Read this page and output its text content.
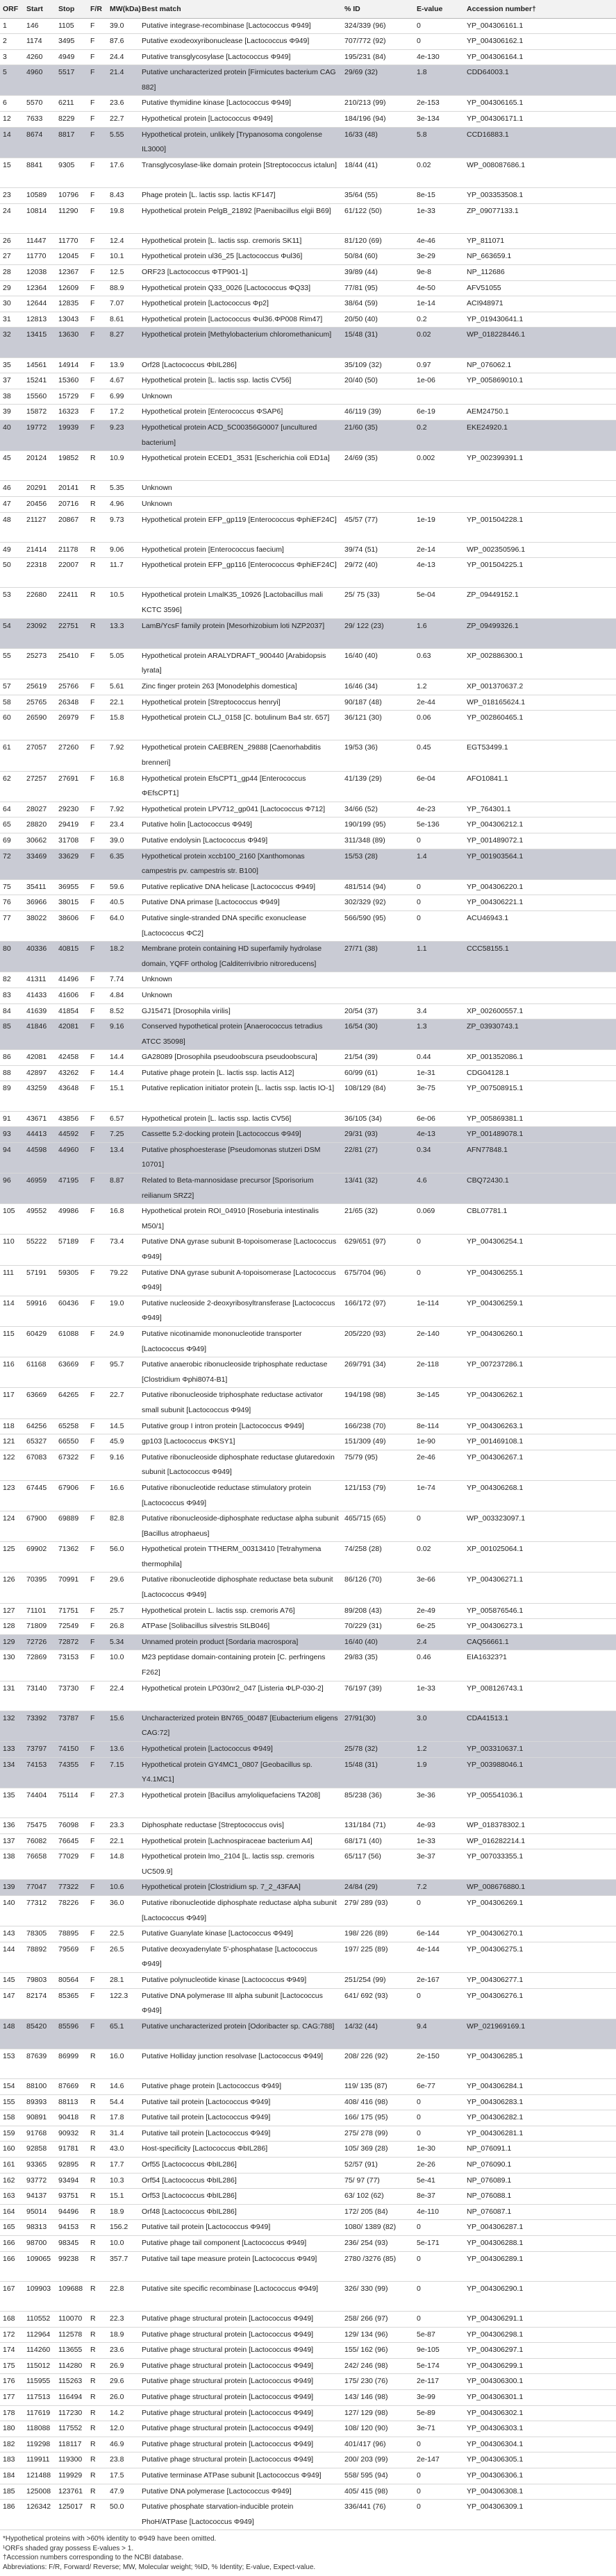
ORF	Start	Stop	F/R	MW(kDa)	Best match	% ID	E-value	Accession number†
1	146	1105	F	39.0	Putative integrase-recombinase [Lactococcus Φ949]	324/339 (96)	0	YP_004306161.1
2	1174	3495	F	87.6	Putative exodeoxyribonuclease [Lactococcus Φ949]	707/772 (92)	0	YP_004306162.1
3	4260	4949	F	24.4	Putative transglycosylase [Lactococcus Φ949]	195/231 (84)	4e-130	YP_004306164.1
5	4960	5517	F	21.4	Putative uncharacterized protein [Firmicutes bacterium CAG 882]	29/69 (32)	1.8	CDD64003.1
6	5570	6211	F	23.6	Putative thymidine kinase [Lactococcus Φ949]	210/213 (99)	2e-153	YP_004306165.1
12	7633	8229	F	22.7	Hypothetical protein [Lactococcus Φ949]	184/196 (94)	3e-134	YP_004306171.1
14	8674	8817	F	5.55	Hypothetical protein, unlikely [Trypanosoma congolense IL3000]	16/33 (48)	5.8	CCD16883.1
15	8841	9305	F	17.6	Transglycosylase-like domain protein [Streptococcus ictalun]	18/44 (41)	0.02	WP_008087686.1
23	10589	10796	F	8.43	Phage protein [L. lactis ssp. lactis KF147]	35/64 (55)	8e-15	YP_003353508.1
24	10814	11290	F	19.8	Hypothetical protein PelgB_21892 [Paenibacillus elgii B69]	61/122 (50)	1e-33	ZP_09077133.1
26	11447	11770	F	12.4	Hypothetical protein [L. lactis ssp. cremoris SK11]	81/120 (69)	4e-46	YP_811071
27	11770	12045	F	10.1	Hypothetical protein ul36_25 [Lactococcus Φul36]	50/84 (60)	3e-29	NP_663659.1
28	12038	12367	F	12.5	ORF23 [Lactococcus ΦTP901-1]	39/89 (44)	9e-8	NP_112686
29	12364	12609	F	88.9	Hypothetical protein Q33_0026 [Lactococcus ΦQ33]	77/81 (95)	4e-50	AFV51055
30	12644	12835	F	7.07	Hypothetical protein [Lactococcus Φp2]	38/64 (59)	1e-14	ACI948971
31	12813	13043	F	8.61	Hypothetical protein [Lactococcus Φul36.ΦP008 Rim47]	20/50 (40)	0.2	YP_019430641.1
32	13415	13630	F	8.27	Hypothetical protein [Methylobacterium chloromethanicum]	15/48 (31)	0.02	WP_018228446.1
35	14561	14914	F	13.9	Orf28 [Lactococcus ΦbIL286]	35/109 (32)	0.97	NP_076062.1
37	15241	15360	F	4.67	Hypothetical protein [L. lactis ssp. lactis CV56]	20/40 (50)	1e-06	YP_005869010.1
38	15560	15729	F	6.99	Unknown			
39	15872	16323	F	17.2	Hypothetical protein [Enterococcus ΦSAP6]	46/119 (39)	6e-19	AEM24750.1
40	19772	19939	F	9.23	Hypothetical protein ACD_5C00356G0007 [uncultured bacterium]	21/60 (35)	0.2	EKE24920.1
45	20124	19852	R	10.9	Hypothetical protein ECED1_3531 [Escherichia coli ED1a]	24/69 (35)	0.002	YP_002399391.1
46	20291	20141	R	5.35	Unknown			
47	20456	20716	R	4.96	Unknown			
48	21127	20867	R	9.73	Hypothetical protein EFP_gp119 [Enterococcus ΦphiEF24C]	45/57 (77)	1e-19	YP_001504228.1
49	21414	21178	R	9.06	Hypothetical protein [Enterococcus faecium]	39/74 (51)	2e-14	WP_002350596.1
50	22318	22007	R	11.7	Hypothetical protein EFP_gp116 [Enterococcus ΦphiEF24C]	29/72 (40)	4e-13	YP_001504225.1
53	22680	22411	R	10.5	Hypothetical protein LmalK35_10926 [Lactobacillus mali KCTC 3596]	25/ 75 (33)	5e-04	ZP_09449152.1
54	23092	22751	R	13.3	LamB/YcsF family protein [Mesorhizobium loti NZP2037]	29/ 122 (23)	1.6	ZP_09499326.1
55	25273	25410	F	5.05	Hypothetical protein ARALYDRAFT_900440 [Arabidopsis lyrata]	16/40 (40)	0.63	XP_002886300.1
57	25619	25766	F	5.61	Zinc finger protein 263 [Monodelphis domestica]	16/46 (34)	1.2	XP_001370637.2
58	25765	26348	F	22.1	Hypothetical protein [Streptococcus henryi]	90/187 (48)	2e-44	WP_018165624.1
60	26590	26979	F	15.8	Hypothetical protein CLJ_0158 [C. botulinum Ba4 str. 657]	36/121 (30)	0.06	YP_002860465.1
61	27057	27260	F	7.92	Hypothetical protein CAEBREN_29888 [Caenorhabditis brenneri]	19/53 (36)	0.45	EGT53499.1
62	27257	27691	F	16.8	Hypothetical protein EfsCPT1_gp44 [Enterococcus ΦEfsCPT1]	41/139 (29)	6e-04	AFO10841.1
64	28027	29230	F	7.92	Hypothetical protein LPV712_gp041 [Lactococcus Φ712]	34/66 (52)	4e-23	YP_764301.1
65	28820	29419	F	23.4	Putative holin [Lactococcus Φ949]	190/199 (95)	5e-136	YP_004306212.1
69	30662	31708	F	39.0	Putative endolysin [Lactococcus Φ949]	311/348 (89)	0	YP_001489072.1
72	33469	33629	F	6.35	Hypothetical protein xccb100_2160 [Xanthomonas campestris pv. campestris str. B100]	15/53 (28)	1.4	YP_001903564.1
75	35411	36955	F	59.6	Putative replicative DNA helicase [Lactococcus Φ949]	481/514 (94)	0	YP_004306220.1
76	36966	38015	F	40.5	Putative DNA primase [Lactococcus Φ949]	302/329 (92)	0	YP_004306221.1
77	38022	38606	F	64.0	Putative single-stranded DNA specific exonuclease [Lactococcus ΦC2]	566/590 (95)	0	ACU46943.1
80	40336	40815	F	18.2	Membrane protein containing HD superfamily hydrolase domain, YQFF ortholog [Calditerrivibrio nitroreducens]	27/71 (38)	1.1	CCC58155.1
82	41311	41496	F	7.74	Unknown			
83	41433	41606	F	4.84	Unknown			
84	41639	41854	F	8.52	GJ15471 [Drosophila virilis]	20/54 (37)	3.4	XP_002600557.1
85	41846	42081	F	9.16	Conserved hypothetical protein [Anaerococcus tetradius ATCC 35098]	16/54 (30)	1.3	ZP_03930743.1
86	42081	42458	F	14.4	GA28089 [Drosophila pseudoobscura pseudoobscura]	21/54 (39)	0.44	XP_001352086.1
88	42897	43262	F	14.4	Putative phage protein [L. lactis ssp. lactis A12]	60/99 (61)	1e-31	CDG04128.1
89	43259	43648	F	15.1	Putative replication initiator protein [L. lactis ssp. lactis IO-1]	108/129 (84)	3e-75	YP_007508915.1
91	43671	43856	F	6.57	Hypothetical protein [L. lactis ssp. lactis CV56]	36/105 (34)	6e-06	YP_005869381.1
93	44413	44592	F	7.25	Cassette 5.2-docking protein [Lactococcus Φ949]	29/31 (93)	4e-13	YP_001489078.1
94	44598	44960	F	13.4	Putative phosphoesterase [Pseudomonas stutzeri DSM 10701]	22/81 (27)	0.34	AFN77848.1
96	46959	47195	F	8.87	Related to Beta-mannosidase precursor [Sporisorium reilianum SRZ2]	13/41 (32)	4.6	CBQ72430.1
105	49552	49986	F	16.8	Hypothetical protein ROI_04910 [Roseburia intestinalis M50/1]	21/65 (32)	0.069	CBL07781.1
110	55222	57189	F	73.4	Putative DNA gyrase subunit B-topoisomerase [Lactococcus Φ949]	629/651 (97)	0	YP_004306254.1
111	57191	59305	F	79.22	Putative DNA gyrase subunit A-topoisomerase [Lactococcus Φ949]	675/704 (96)	0	YP_004306255.1
114	59916	60436	F	19.0	Putative nucleoside 2-deoxyribosyltransferase [Lactococcus Φ949]	166/172 (97)	1e-114	YP_004306259.1
115	60429	61088	F	24.9	Putative nicotinamide mononucleotide transporter [Lactococcus Φ949]	205/220 (93)	2e-140	YP_004306260.1
116	61168	63669	F	95.7	Putative anaerobic ribonucleoside triphosphate reductase [Clostridium Φphi8074-B1]	269/791 (34)	2e-118	YP_007237286.1
117	63669	64265	F	22.7	Putative ribonucleoside triphosphate reductase activator small subunit [Lactococcus Φ949]	194/198 (98)	3e-145	YP_004306262.1
118	64256	65258	F	14.5	Putative group I intron protein [Lactococcus Φ949]	166/238 (70)	8e-114	YP_004306263.1
121	65327	66550	F	45.9	gp103 [Lactococcus ΦKSY1]	151/309 (49)	1e-90	YP_001469108.1
122	67083	67322	F	9.16	Putative ribonucleoside diphosphate reductase glutaredoxin subunit [Lactococcus Φ949]	75/79 (95)	2e-46	YP_004306267.1
123	67445	67906	F	16.6	Putative ribonucleotide reductase stimulatory protein [Lactococcus Φ949]	121/153 (79)	1e-74	YP_004306268.1
124	67900	69889	F	82.8	Putative ribonucleoside-diphosphate reductase alpha subunit [Bacillus atrophaeus]	465/715 (65)	0	WP_003323097.1
125	69902	71362	F	56.0	Hypothetical protein TTHERM_00313410 [Tetrahymena thermophila]	74/258 (28)	0.02	XP_001025064.1
126	70395	70991	F	29.6	Putative ribonucleotide diphosphate reductase beta subunit [Lactococcus Φ949]	86/126 (70)	3e-66	YP_004306271.1
127	71101	71751	F	25.7	Hypothetical protein L. lactis ssp. cremoris A76]	89/208 (43)	2e-49	YP_005876546.1
128	71809	72549	F	26.8	ATPase [Solibacillus silvestris StLB046]	70/229 (31)	6e-25	YP_004306273.1
129	72726	72872	F	5.34	Unnamed protein product [Sordaria macrospora]	16/40 (40)	2.4	CAQ56661.1
130	72869	73153	F	10.0	M23 peptidase domain-containing protein [C. perfringens F262]	29/83 (35)	0.46	EIA16323?1
131	73140	73730	F	22.4	Hypothetical protein LP030nr2_047 [Listeria ΦLP-030-2]	76/197 (39)	1e-33	YP_008126743.1
132	73392	73787	F	15.6	Uncharacterized protein BN765_00487 [Eubacterium eligens CAG:72]	27/91(30)	3.0	CDA41513.1
133	73797	74150	F	13.6	Hypothetical protein [Lactococcus Φ949]	25/78 (32)	1.2	YP_003310637.1
134	74153	74355	F	7.15	Hypothetical protein GY4MC1_0807 [Geobacillus sp. Y4.1MC1]	15/48 (31)	1.9	YP_003988046.1
135	74404	75114	F	27.3	Hypothetical protein [Bacillus amyloliquefaciens TA208]	85/238 (36)	3e-36	YP_005541036.1
136	75475	76098	F	23.3	Diphosphate reductase [Streptococcus ovis]	131/184 (71)	4e-93	WP_018378302.1
137	76082	76645	F	22.1	Hypothetical protein [Lachnospiraceae bacterium A4]	68/171 (40)	1e-33	WP_016282214.1
138	76658	77029	F	14.8	Hypothetical protein lmo_2104 [L. lactis ssp. cremoris UC509.9]	65/117 (56)	3e-37	YP_007033355.1
139	77047	77322	F	10.6	Hypothetical protein [Clostridium sp. 7_2_43FAA]	24/84 (29)	7.2	WP_008676880.1
140	77312	78226	F	36.0	Putative ribonucleotide diphosphate reductase alpha subunit [Lactococcus Φ949]	279/ 289 (93)	0	YP_004306269.1
143	78305	78895	F	22.5	Putative Guanylate kinase [Lactococcus Φ949]	198/ 226 (89)	6e-144	YP_004306270.1
144	78892	79569	F	26.5	Putative deoxyadenylate 5'-phosphatase [Lactococcus Φ949]	197/ 225 (89)	4e-144	YP_004306275.1
145	79803	80564	F	28.1	Putative polynucleotide kinase [Lactococcus Φ949]	251/254 (99)	2e-167	YP_004306277.1
147	82174	85365	F	122.3	Putative DNA polymerase III alpha subunit [Lactococcus Φ949]	641/ 692 (93)	0	YP_004306276.1
148	85420	85596	F	65.1	Putative uncharacterized protein [Odoribacter sp. CAG:788]	14/32 (44)	9.4	WP_021969169.1
153	87639	86999	R	16.0	Putative Holliday junction resolvase [Lactococcus Φ949]	208/ 226 (92)	2e-150	YP_004306285.1
154	88100	87669	R	14.6	Putative phage protein [Lactococcus Φ949]	119/ 135 (87)	6e-77	YP_004306284.1
155	89393	88113	R	54.4	Putative tail protein [Lactococcus Φ949]	408/ 416 (98)	0	YP_004306283.1
158	90891	90418	R	17.8	Putative tail protein [Lactococcus Φ949]	166/ 175 (95)	0	YP_004306282.1
159	91768	90932	R	31.4	Putative tail protein [Lactococcus Φ949]	275/ 278 (99)	0	YP_004306281.1
160	92858	91781	R	43.0	Host-specificity [Lactococcus ΦbIL286]	105/ 369 (28)	1e-30	NP_076091.1
161	93365	92895	R	17.7	Orf55 [Lactococcus ΦbIL286]	52/57 (91)	2e-26	NP_076090.1
162	93772	93494	R	10.3	Orf54 [Lactococcus ΦbIL286]	75/ 97 (77)	5e-41	NP_076089.1
163	94137	93751	R	15.1	Orf53 [Lactococcus ΦbIL286]	63/ 102 (62)	8e-37	NP_076088.1
164	95014	94496	R	18.9	Orf48 [Lactococcus ΦbIL286]	172/ 205 (84)	4e-110	NP_076087.1
165	98313	94153	R	156.2	Putative tail protein [Lactococcus Φ949]	1080/ 1389 (82)	0	YP_004306287.1
166	98700	98345	R	10.0	Putative phage tail component [Lactococcus Φ949]	236/ 254 (93)	5e-171	YP_004306288.1
166	109065	99238	R	357.7	Putative tail tape measure protein [Lactococcus Φ949]	2780 /3276 (85)	0	YP_004306289.1
167	109903	109688	R	22.8	Putative site specific recombinase [Lactococcus Φ949]	326/ 330 (99)	0	YP_004306290.1
168	110552	110070	R	22.3	Putative phage structural protein [Lactococcus Φ949]	258/ 266 (97)	0	YP_004306291.1
172	112964	112578	R	18.9	Putative phage structural protein [Lactococcus Φ949]	129/ 134 (96)	5e-87	YP_004306298.1
174	114260	113655	R	23.6	Putative phage structural protein [Lactococcus Φ949]	155/ 162 (96)	9e-105	YP_004306297.1
175	115012	114280	R	26.9	Putative phage structural protein [Lactococcus Φ949]	242/ 246 (98)	5e-174	YP_004306299.1
176	115955	115263	R	29.6	Putative phage structural protein [Lactococcus Φ949]	175/ 230 (76)	2e-117	YP_004306300.1
177	117513	116494	R	26.0	Putative phage structural protein [Lactococcus Φ949]	143/ 146 (98)	3e-99	YP_004306301.1
178	117619	117230	R	14.2	Putative phage structural protein [Lactococcus Φ949]	127/ 129 (98)	5e-89	YP_004306302.1
180	118088	117552	R	12.0	Putative phage structural protein [Lactococcus Φ949]	108/ 120 (90)	3e-71	YP_004306303.1
182	119298	118117	R	46.9	Putative phage structural protein [Lactococcus Φ949]	401/417 (96)	0	YP_004306304.1
183	119911	119300	R	23.8	Putative phage structural protein [Lactococcus Φ949]	200/ 203 (99)	2e-147	YP_004306305.1
184	121488	119929	R	17.5	Putative terminase ATPase subunit [Lactococcus Φ949]	558/ 595 (94)	0	YP_004306306.1
185	125008	123761	R	47.9	Putative DNA polymerase [Lactococcus Φ949]	405/ 415 (98)	0	YP_004306308.1
186	126342	125017	R	50.0	Putative phosphate starvation-inducible protein PhoH/ATPase [Lactococcus Φ949]	336/441 (76)	0	YP_004306309.1
*Hypothetical proteins with >60% identity to Φ949 have been omitted.
¹ORFs shaded gray possess E-values > 1.
†Accession numbers corresponding to the NCBI database.
Abbreviations: F/R, Forward/ Reverse; MW, Molecular weight; %ID, % Identity; E-value, Expect-value.
